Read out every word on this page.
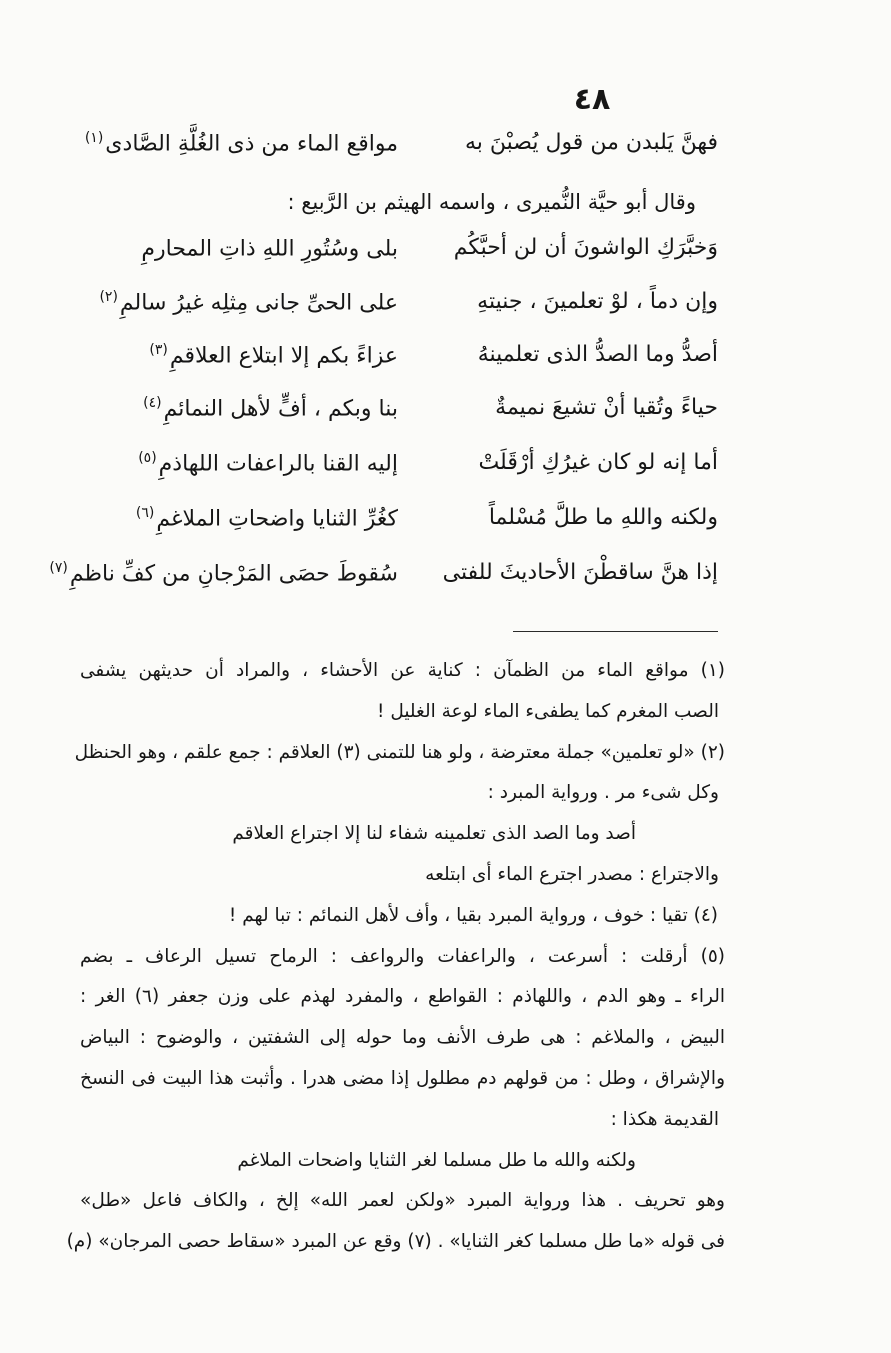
٤٨
فهنَّ يَلبدن من قول يُصبْنَ به
مواقع الماء من ذى الغُلَّةِ الصَّادى$^{(١)}$
وقال أبو حيَّة النُّميرى ، واسمه الهيثم بن الرَّبيع :
وَخبَّرَكِ الواشونَ أن لن أحبَّكُم
بلى وسُتُورِ اللهِ ذاتِ المحارمِ
وإن دماً ، لوْ تعلمينَ ، جنيتهِ
على الحىِّ جانى مِثلِه غيرُ سالمِ$^{(٢)}$
أصدُّ وما الصدُّ الذى تعلمينهُ
عزاءً بكم إلا ابتلاع العلاقمِ$^{(٣)}$
حياءً وتُقيا أنْ تشيعَ نميمةٌ
بنا وبكم ، أفٍّ لأهل النمائمِ$^{(٤)}$
أما إنه لو كان غيرُكِ أرْقَلَتْ
إليه القنا بالراعفات اللهاذمِ$^{(٥)}$
ولكنه واللهِ ما طلَّ مُسْلماً
كغُرِّ الثنايا واضحاتِ الملاغمِ$^{(٦)}$
إذا هنَّ ساقطْنَ الأحاديثَ للفتى
سُقوطَ حصَى المَرْجانِ من كفِّ ناظمِ$^{(٧)}$
(١) مواقع الماء من الظمآن : كناية عن الأحشاء ، والمراد أن حديثهن يشفى
الصب المغرم كما يطفىء الماء لوعة الغليل !
(٢) «لو تعلمين» جملة معترضة ، ولو هنا للتمنى (٣) العلاقم : جمع علقم ، وهو الحنظل
وكل شىء مر . ورواية المبرد :
أصد وما الصد الذى تعلمينه شفاء لنا إلا اجتراع العلاقم
والاجتراع : مصدر اجترع الماء أى ابتلعه
(٤) تقيا : خوف ، ورواية المبرد بقيا ، وأف لأهل النمائم : تبا لهم !
(٥) أرقلت : أسرعت ، والراعفات والرواعف : الرماح تسيل الرعاف ـ بضم
الراء ـ وهو الدم ، واللهاذم : القواطع ، والمفرد لهذم على وزن جعفر (٦) الغر :
البيض ، والملاغم : هى طرف الأنف وما حوله إلى الشفتين ، والوضوح : البياض
والإشراق ، وطل : من قولهم دم مطلول إذا مضى هدرا . وأثبت هذا البيت فى النسخ
القديمة هكذا :
ولكنه والله ما طل مسلما لغر الثنايا واضحات الملاغم
وهو تحريف . هذا ورواية المبرد «ولكن لعمر الله» إلخ ، والكاف فاعل «طل»
فى قوله «ما طل مسلما كغر الثنايا» . (٧) وقع عن المبرد «سقاط حصى المرجان» (م)
